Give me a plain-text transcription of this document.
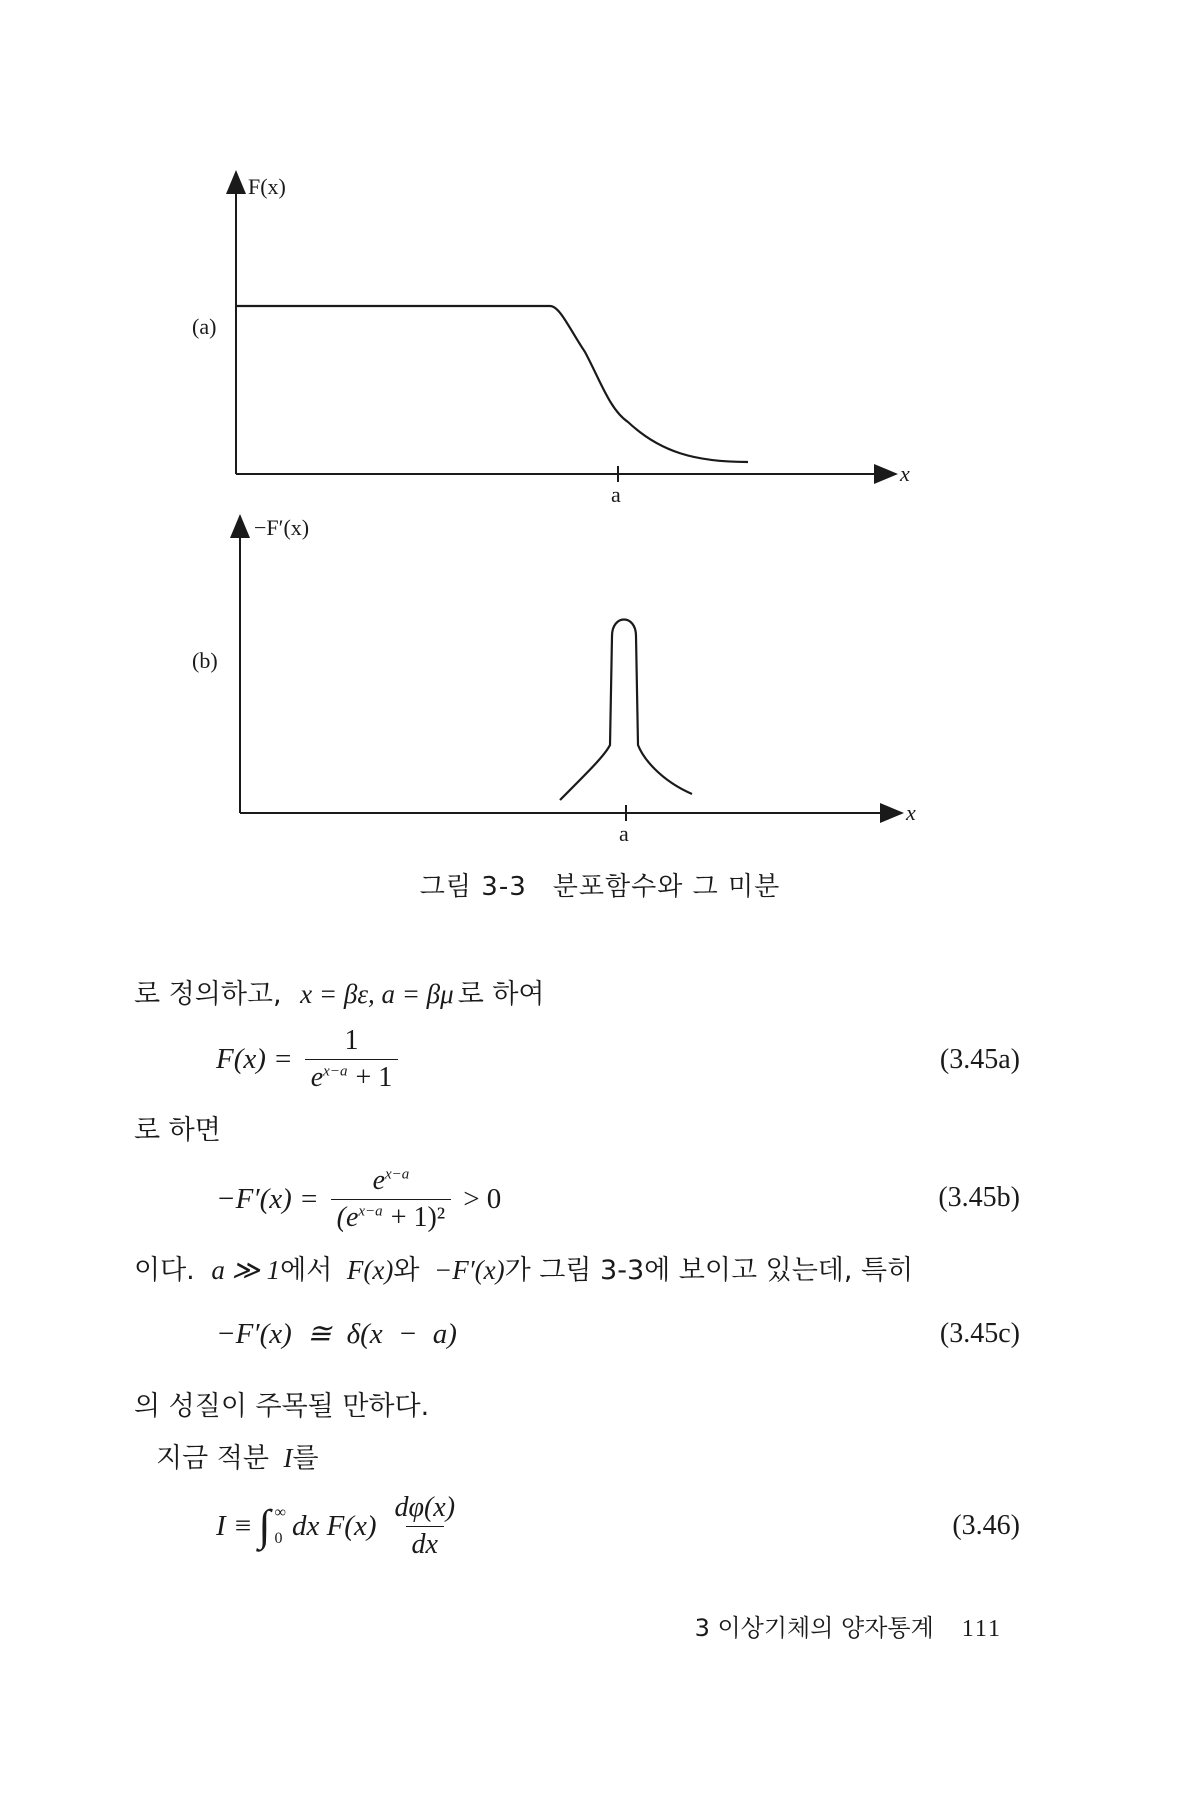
F(x)
(a)
x
a
−F′(x)
(b)
x
a
그림 3-3 분포함수와 그 미분
로 정의하고, x = βε, a = βμ 로 하여
$F(x) = \frac{1}{e^{x-a} + 1}$	(3.45a)
로 하면
$-F'(x) = \frac{e^{x-a}}{(e^{x-a} + 1)^2} > 0$	(3.45b)
이다. a ≫ 1에서 F(x)와 −F′(x)가 그림 3-3에 보이고 있는데, 특히
−F′(x) ≅ δ(x − a)	(3.45c)
의 성질이 주목될 만하다.
지금 적분 I를
I ≡ ∫ ∞
0 dx $F(x) \frac{d\varphi(x)}{dx}$	(3.46)
3 이상기체의 양자통계 111
